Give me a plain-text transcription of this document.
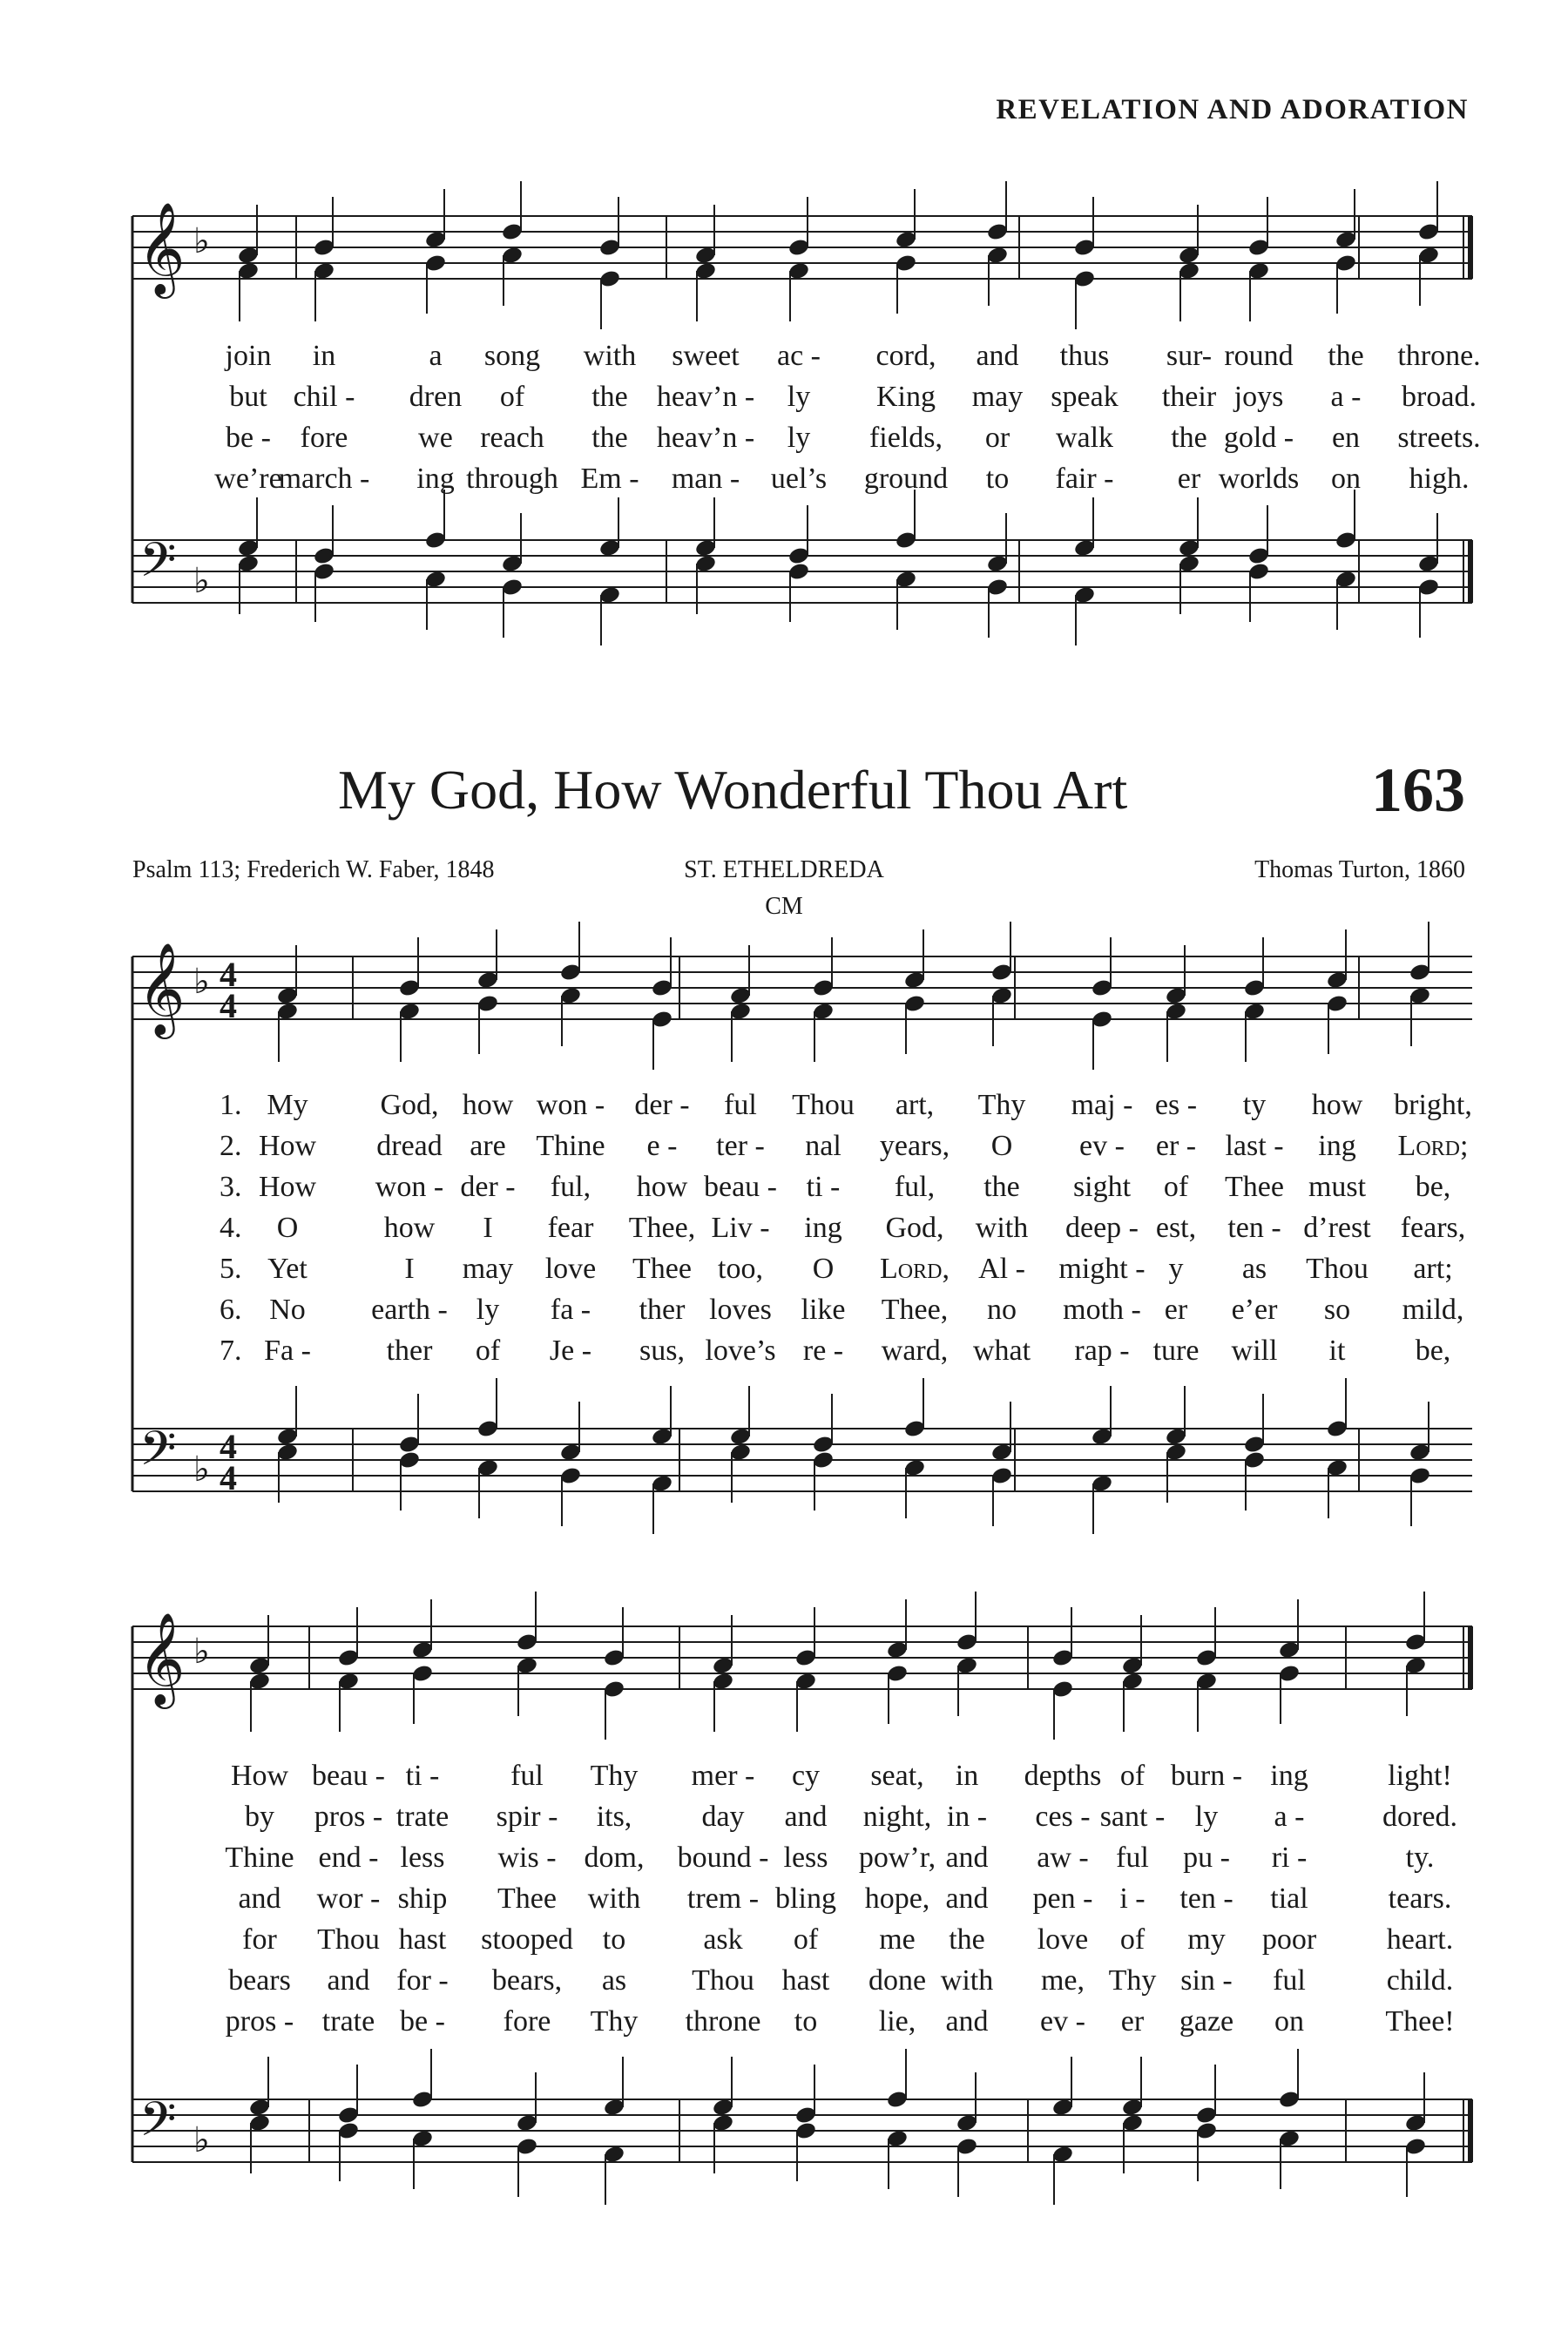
REVELATION AND ADORATION
𝄞
𝄢
♭
♭
𝄞
𝄢
♭
♭
4
4
4
4
𝄞
𝄢
♭
♭
join in	a song with sweet ac - cord, and thus sur- round the throne.
but chil - dren of the heav’n - ly King may speak their joys a - broad.
be - fore we reach the heav’n - ly fields, or walk the gold - en streets.
we’re
march - ing through Em - man - uel’s ground to fair - er worlds on high.
My God, How Wonderful Thou Art	163
Psalm 113; Frederich W. Faber, 1848	ST. ETHELDREDA
CM
Thomas Turton, 1860
1. My God, how won - der - ful Thou art, Thy maj - es - ty how bright,
2. How dread are Thine e - ter - nal years, O ev - er - last - ing Lord;
3. How won - der - ful, how beau - ti - ful, the sight of Thee must be,
4. O	how I fear Thee, Liv - ing God, with deep - est, ten - d’rest fears,
5. Yet	I may love Thee too, O Lord, Al - might - y as Thou art;
6. No earth - ly fa - ther loves like Thee, no moth - er e’er so mild,
7. Fa -	ther of Je - sus, love’s re - ward, what rap - ture will it be,
How beau - ti - ful Thy mer - cy seat, in depths of burn - ing	light!
by pros - trate spir - its, day and night, in - ces - sant - ly a -	dored.
Thine end - less wis - dom, bound - less pow’r, and aw - ful pu - ri -	ty.
and wor - ship Thee with trem - bling hope, and pen - i - ten - tial	tears.
for Thou hast stooped to	ask of me the love of my poor heart.
bears and for - bears, as Thou hast done with me, Thy sin - ful	child.
pros - trate be - fore Thy throne to lie, and ev - er gaze on	Thee!
